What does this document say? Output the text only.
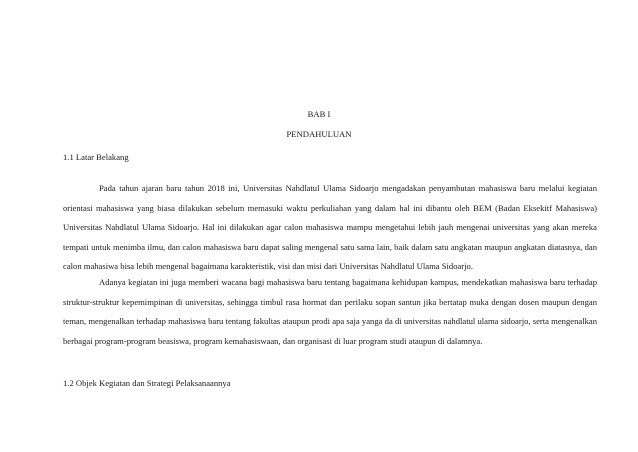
BAB I
PENDAHULUAN
1.1 Latar Belakang

Pada tahun ajaran baru tahun 2018 ini, Universitas Nahdlatul Ulama Sidoarjo mengadakan penyambutan mahasiswa baru melalui kegiatan orientasi mahasiswa yang biasa dilakukan sebelum memasuki waktu perkuliahan yang dalam hal ini dibantu oleh BEM (Badan Eksekitf Mahasiswa) Universitas Nahdlatul Ulama Sidoarjo. Hal ini dilakukan agar calon mahasiswa mampu mengetahui lebih jauh mengenai universitas yang akan mereka tempati untuk menimba ilmu, dan calon mahasiswa baru dapat saling mengenal satu sama lain, baik dalam satu angkatan maupun angkatan diatasnya, dan calon mahasiwa bisa lebih mengenal bagaimana karakteristik, visi dan misi dari Universitas Nahdlatul Ulama Sidoarjo.

Adanya kegiatan ini juga memberi wacana bagi mahasiswa baru tentang bagaimana kehidupan kampus, mendekatkan mahasiswa baru terhadap struktur-struktur kepemimpinan di universitas, sehingga timbul rasa hormat dan perilaku sopan santun jika bertatap muka dengan dosen maupun dengan teman, mengenalkan terhadap mahasiswa baru tentang fakultas ataupun prodi apa saja yanga da di universitas nahdlatul ulama sidoarjo, serta mengenalkan berbagai program-program beasiswa, program kemahasiswaan, dan organisasi di luar program studi ataupun di dalamnya.

1.2 Objek Kegiatan dan Strategi Pelaksanaannya
